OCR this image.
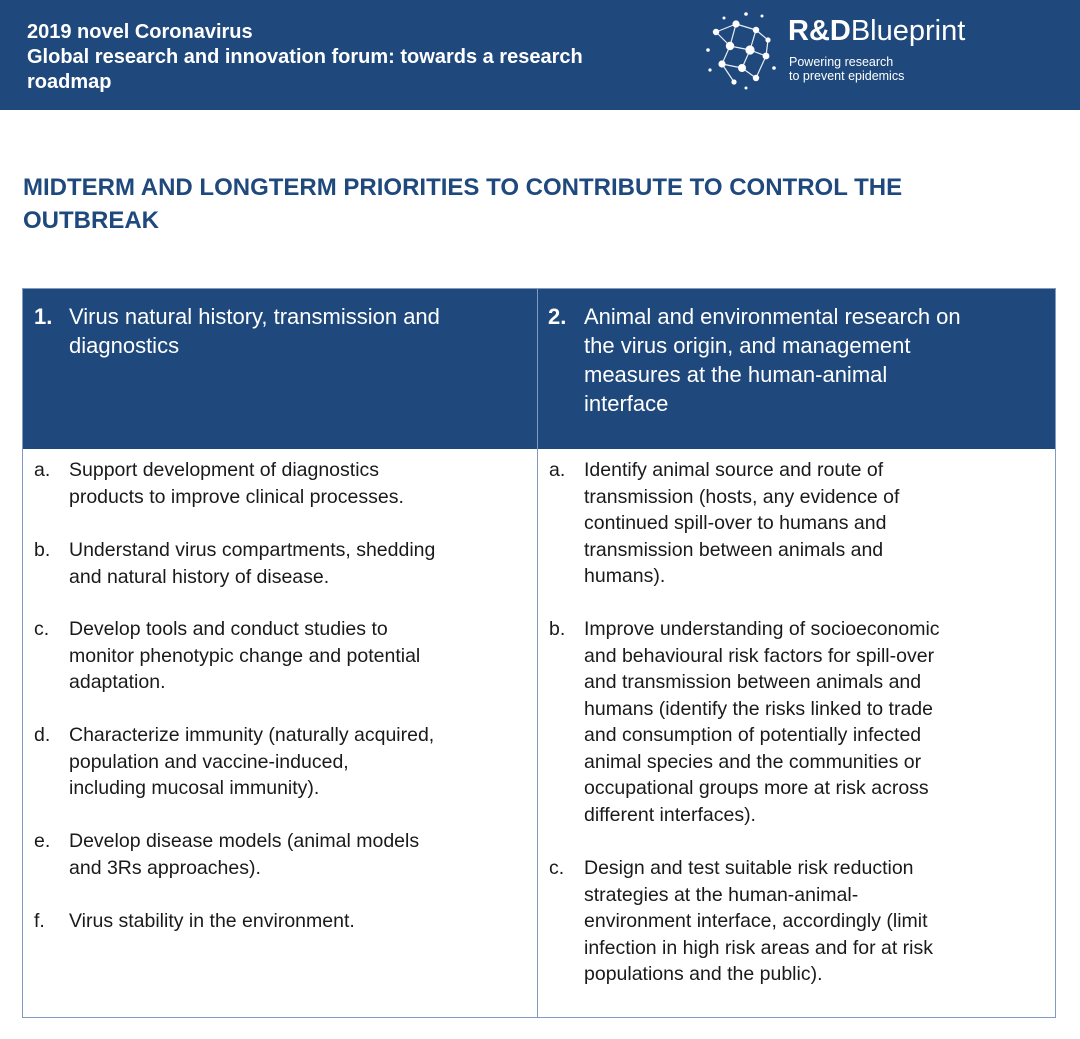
2019 novel Coronavirus
Global research and innovation forum: towards a research
roadmap
R&DBlueprint
Powering research
to prevent epidemics
MIDTERM AND LONGTERM PRIORITIES TO CONTRIBUTE TO CONTROL THE
OUTBREAK
1. Virus natural history, transmission and
diagnostics
2. Animal and environmental research on
the virus origin, and management
measures at the human-animal
interface
a. Support development of diagnostics
products to improve clinical processes.
b. Understand virus compartments, shedding
and natural history of disease.
c. Develop tools and conduct studies to
monitor phenotypic change and potential
adaptation.
d. Characterize immunity (naturally acquired,
population and vaccine-induced,
including mucosal immunity).
e. Develop disease models (animal models
and 3Rs approaches).
f. Virus stability in the environment.
a. Identify animal source and route of
transmission (hosts, any evidence of
continued spill-over to humans and
transmission between animals and
humans).
b. Improve understanding of socioeconomic
and behavioural risk factors for spill-over
and transmission between animals and
humans (identify the risks linked to trade
and consumption of potentially infected
animal species and the communities or
occupational groups more at risk across
different interfaces).
c. Design and test suitable risk reduction
strategies at the human-animal-
environment interface, accordingly (limit
infection in high risk areas and for at risk
populations and the public).
